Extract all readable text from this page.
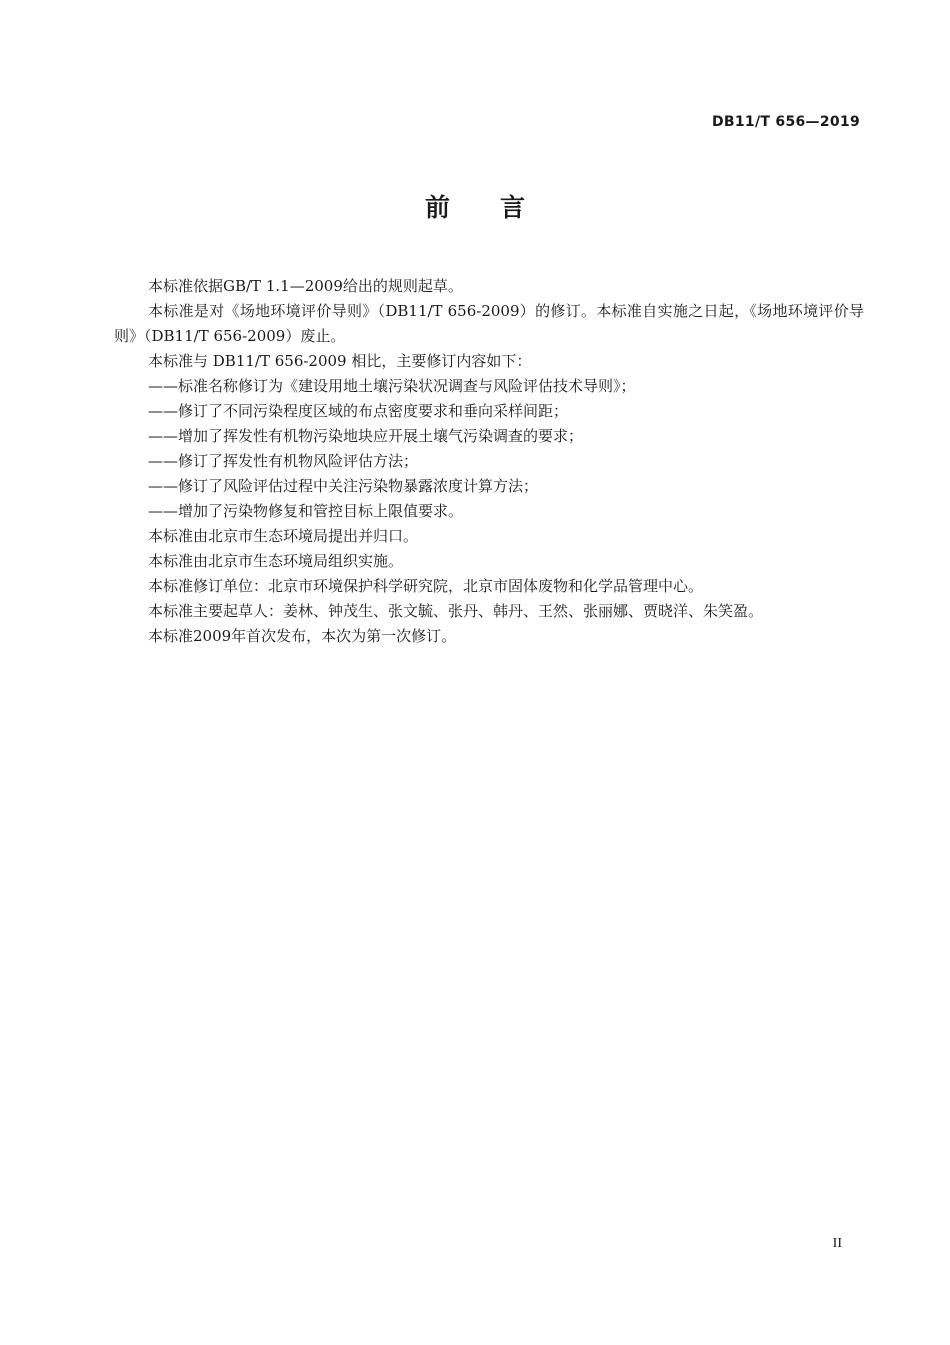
DB11/T 656—2019
前言

本标准依据GB/T 1.1—2009给出的规则起草。

本标准是对《场地环境评价导则》（DB11/T 656-2009）的修订。本标准自实施之日起，《场地环境评价导则》（DB11/T 656-2009）废止。

本标准与 DB11/T 656-2009 相比，主要修订内容如下：

——标准名称修订为《建设用地土壤污染状况调查与风险评估技术导则》；

——修订了不同污染程度区域的布点密度要求和垂向采样间距；

——增加了挥发性有机物污染地块应开展土壤气污染调查的要求；

——修订了挥发性有机物风险评估方法；

——修订了风险评估过程中关注污染物暴露浓度计算方法；

——增加了污染物修复和管控目标上限值要求。

本标准由北京市生态环境局提出并归口。

本标准由北京市生态环境局组织实施。

本标准修订单位：北京市环境保护科学研究院，北京市固体废物和化学品管理中心。

本标准主要起草人：姜林、钟茂生、张文毓、张丹、韩丹、王然、张丽娜、贾晓洋、朱笑盈。

本标准2009年首次发布，本次为第一次修订。

II
